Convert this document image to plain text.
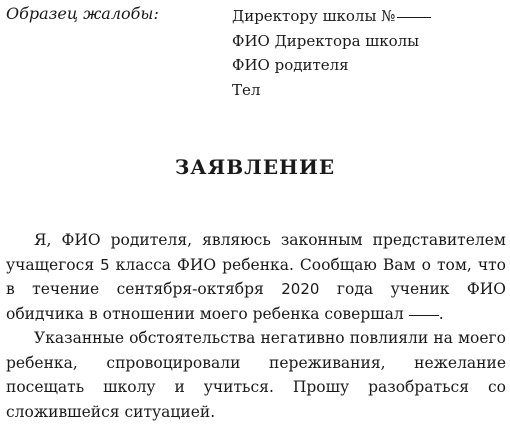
Образец жалобы:	Директору школы №
ФИО Директора школы
ФИО родителя
Тел
ЗАЯВЛЕНИЕ

Я, ФИО родителя, являюсь законным представителем учащегося 5 класса ФИО ребенка. Сообщаю Вам о том, что в течение сентября-октября 2020 года ученик ФИО обидчика в отношении моего ребенка совершал .

Указанные обстоятельства негативно повлияли на моего ребенка, спровоцировали переживания, нежелание посещать школу и учиться. Прошу разобраться со сложившейся ситуацией.
